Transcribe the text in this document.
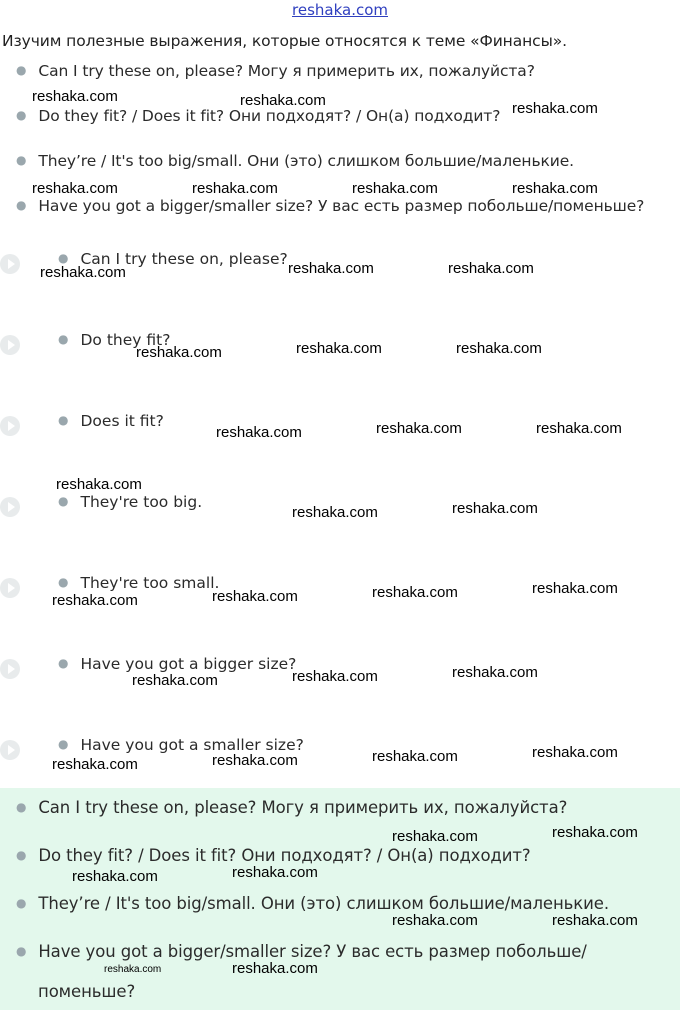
reshaka.com
Изучим полезные выражения, которые относятся к теме «Финансы».
● Can I try these on, please? Могу я примерить их, пожалуйста?
● Do they fit? / Does it fit? Они подходят? / Он(а) подходит?
● They’re / It's too big/small. Они (это) слишком большие/маленькие.
● Have you got a bigger/smaller size? У вас есть размер побольше/поменьше?
● Can I try these on, please?
● Do they fit?
● Does it fit?
● They're too big.
● They're too small.
● Have you got a bigger size?
● Have you got a smaller size?
● Can I try these on, please? Могу я примерить их, пожалуйста?
● Do they fit? / Does it fit? Они подходят? / Он(а) подходит?
● They’re / It's too big/small. Они (это) слишком большие/маленькие.
● Have you got a bigger/smaller size? У вас есть размер побольше/
поменьше?
reshaka.com	reshaka.com	reshaka.com
reshaka.com	reshaka.com	reshaka.com	reshaka.com
reshaka.com	reshaka.com	reshaka.com
reshaka.com	reshaka.com	reshaka.com
reshaka.com	reshaka.com	reshaka.com
reshaka.com
reshaka.com	reshaka.com
reshaka.com	reshaka.com	reshaka.com	reshaka.com
reshaka.com	reshaka.com	reshaka.com
reshaka.com	reshaka.com	reshaka.com	reshaka.com
reshaka.com	reshaka.com
reshaka.com	reshaka.com
reshaka.com	reshaka.com
reshaka.com	reshaka.com
